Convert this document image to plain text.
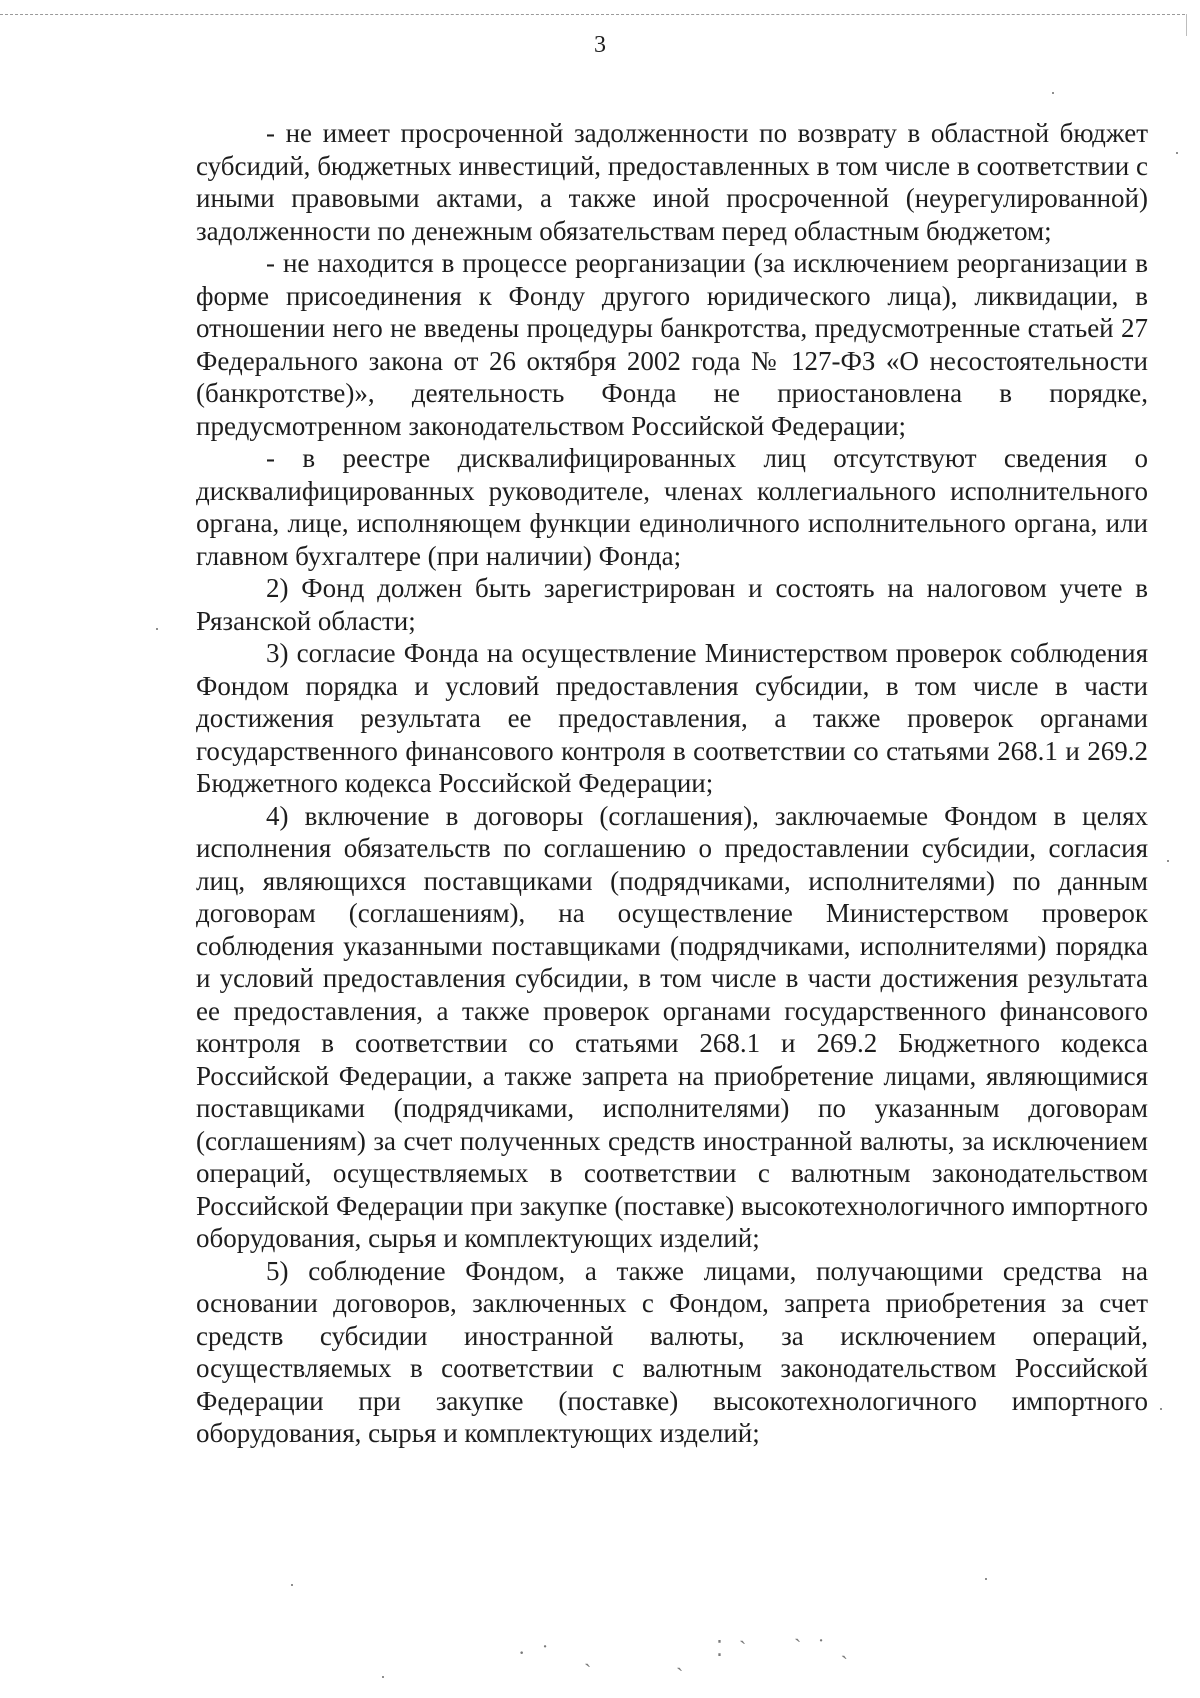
3

- не имеет просроченной задолженности по возврату в областной бюджет субсидий, бюджетных инвестиций, предоставленных в том числе в соответствии с иными правовыми актами, а также иной просроченной (неурегулированной) задолженности по денежным обязательствам перед областным бюджетом;

- не находится в процессе реорганизации (за исключением реорганизации в форме присоединения к Фонду другого юридического лица), ликвидации, в отношении него не введены процедуры банкротства, предусмотренные статьей 27 Федерального закона от 26 октября 2002 года № 127-ФЗ «О несостоятельности (банкротстве)», деятельность Фонда не приостановлена в порядке, предусмотренном законодательством Российской Федерации;

- в реестре дисквалифицированных лиц отсутствуют сведения о дисквалифицированных руководителе, членах коллегиального исполнительного органа, лице, исполняющем функции единоличного исполнительного органа, или главном бухгалтере (при наличии) Фонда;

2) Фонд должен быть зарегистрирован и состоять на налоговом учете в Рязанской области;

3) согласие Фонда на осуществление Министерством проверок соблюдения Фондом порядка и условий предоставления субсидии, в том числе в части достижения результата ее предоставления, а также проверок органами государственного финансового контроля в соответствии со статьями 268.1 и 269.2 Бюджетного кодекса Российской Федерации;

4) включение в договоры (соглашения), заключаемые Фондом в целях исполнения обязательств по соглашению о предоставлении субсидии, согласия лиц, являющихся поставщиками (подрядчиками, исполнителями) по данным договорам (соглашениям), на осуществление Министерством проверок соблюдения указанными поставщиками (подрядчиками, исполнителями) порядка и условий предоставления субсидии, в том числе в части достижения результата ее предоставления, а также проверок органами государственного финансового контроля в соответствии со статьями 268.1 и 269.2 Бюджетного кодекса Российской Федерации, а также запрета на приобретение лицами, являющимися поставщиками (подрядчиками, исполнителями) по указанным договорам (соглашениям) за счет полученных средств иностранной валюты, за исключением операций, осуществляемых в соответствии с валютным законодательством Российской Федерации при закупке (поставке) высокотехнологичного импортного оборудования, сырья и комплектующих изделий;

5) соблюдение Фондом, а также лицами, получающими средства на основании договоров, заключенных с Фондом, запрета приобретения за счет средств субсидии иностранной валюты, за исключением операций, осуществляемых в соответствии с валютным законодательством Российской Федерации при закупке (поставке) высокотехнологичного импортного оборудования, сырья и комплектующих изделий;

·˙ ˎ	ˏ ⁚ˋ ˋ˙ˎ
